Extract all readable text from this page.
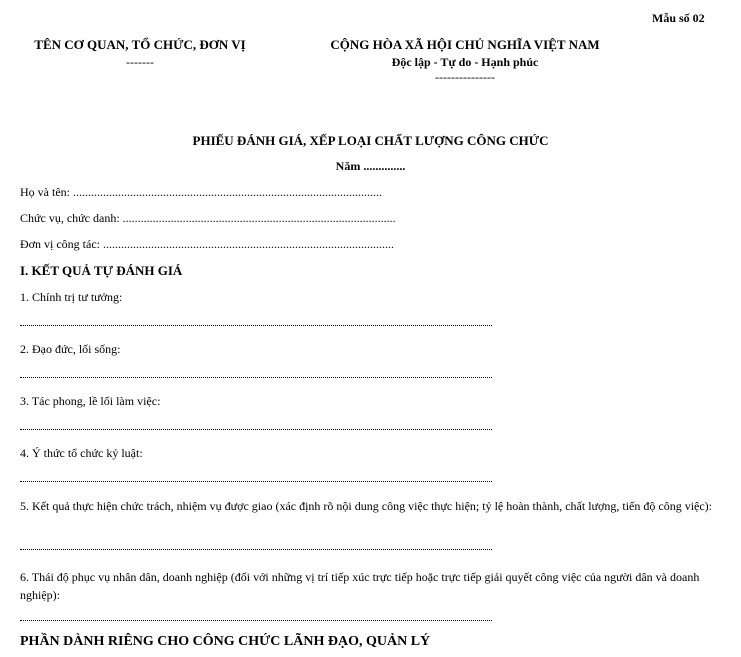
Mẫu số 02
TÊN CƠ QUAN, TỔ CHỨC, ĐƠN VỊ
-------
CỘNG HÒA XÃ HỘI CHỦ NGHĨA VIỆT NAM
Độc lập - Tự do - Hạnh phúc
---------------
PHIẾU ĐÁNH GIÁ, XẾP LOẠI CHẤT LƯỢNG CÔNG CHỨC
Năm ..............
Họ và tên: .......................................................................................................
Chức vụ, chức danh: ...........................................................................................
Đơn vị công tác: .................................................................................................
I. KẾT QUẢ TỰ ĐÁNH GIÁ
1. Chính trị tư tưởng:
2. Đạo đức, lối sống:
3. Tác phong, lề lối làm việc:
4. Ý thức tổ chức kỷ luật:
5. Kết quả thực hiện chức trách, nhiệm vụ được giao (xác định rõ nội dung công việc thực hiện; tỷ lệ hoàn thành, chất lượng, tiến độ công việc):
6. Thái độ phục vụ nhân dân, doanh nghiệp (đối với những vị trí tiếp xúc trực tiếp hoặc trực tiếp giải quyết công việc của người dân và doanh nghiệp):
PHẦN DÀNH RIÊNG CHO CÔNG CHỨC LÃNH ĐẠO, QUẢN LÝ
